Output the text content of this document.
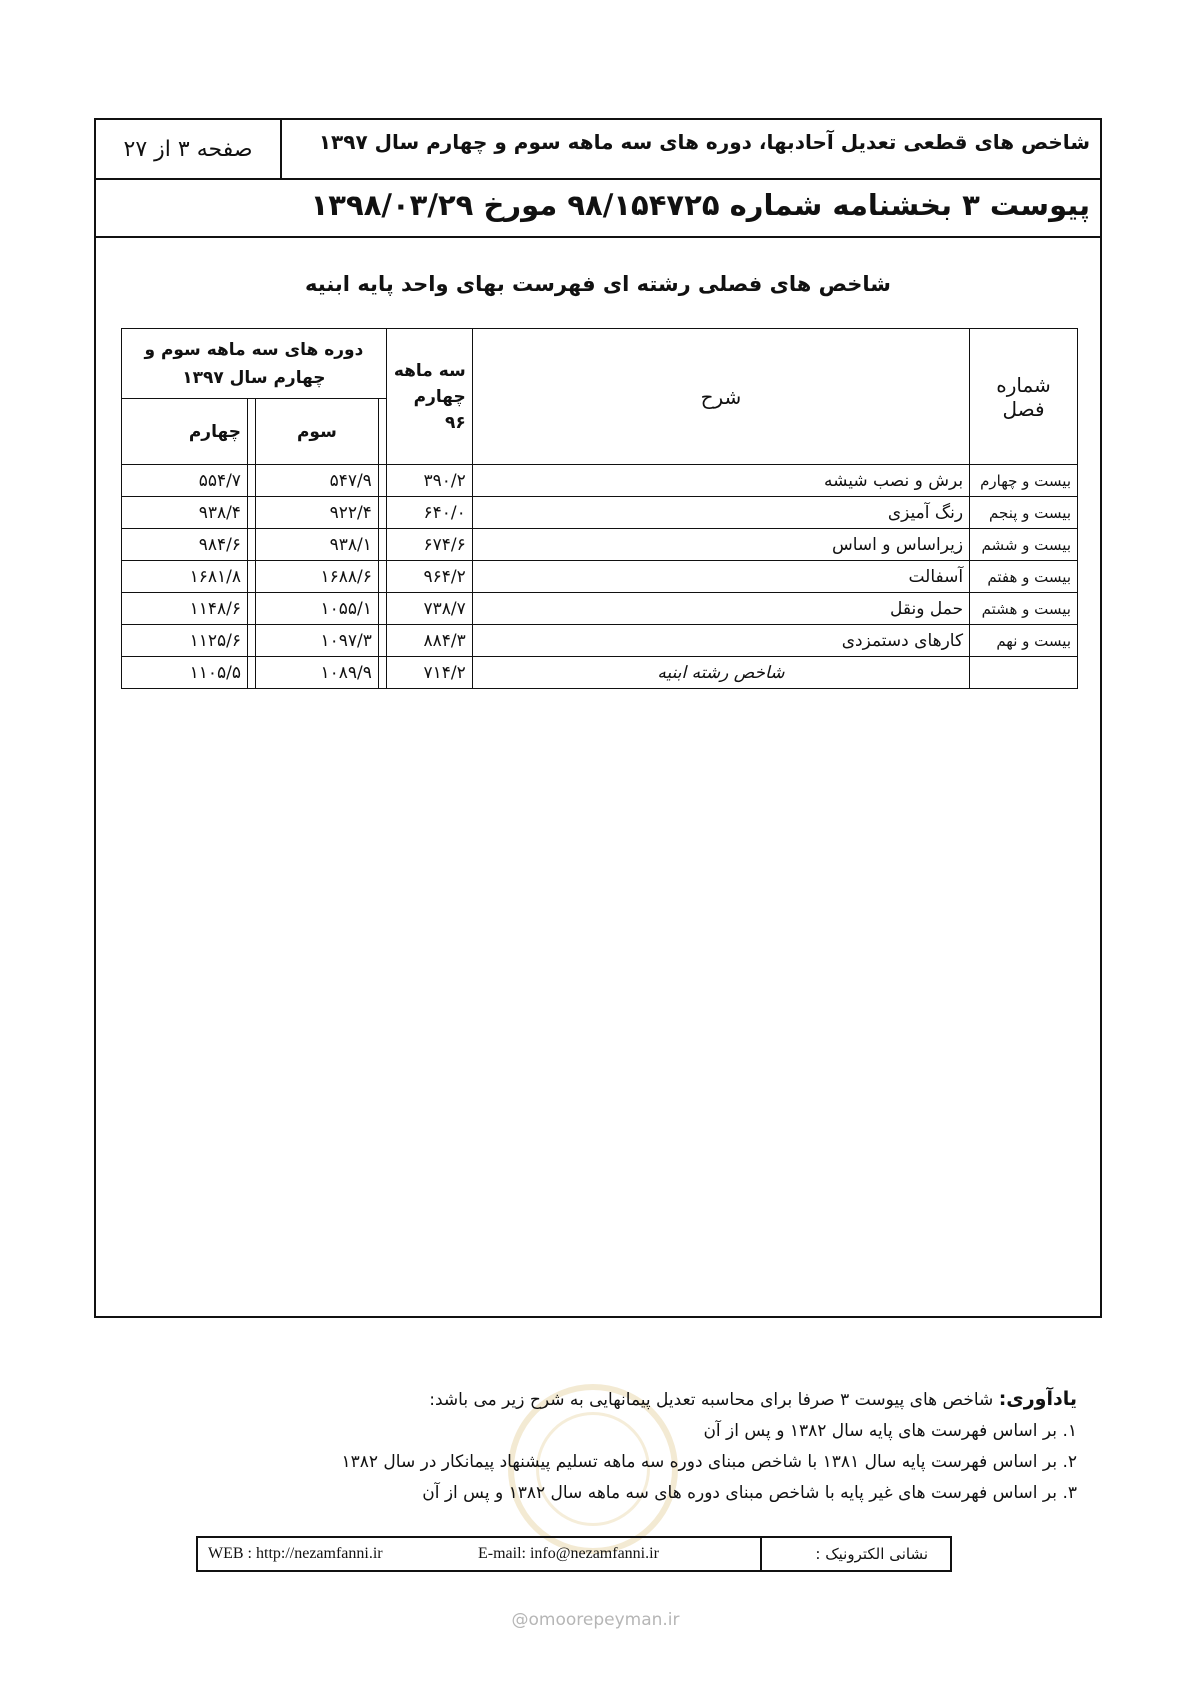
شاخص های قطعی تعدیل آحادبها، دوره های سه ماهه سوم و چهارم سال ۱۳۹۷
صفحه ۳ از ۲۷
پیوست ۳ بخشنامه شماره ۹۸/۱۵۴۷۲۵ مورخ ۱۳۹۸/۰۳/۲۹
شاخص های فصلی رشته ای فهرست بهای واحد پایه ابنیه
شماره فصل	شرح	سه ماهه چهارم ۹۶	دوره های سه ماهه سوم و چهارم سال ۱۳۹۷			
				سوم		چهارم
بیست و چهارم	برش و نصب شیشه	۳۹۰/۲		۵۴۷/۹		۵۵۴/۷
بیست و پنجم	رنگ آمیزی	۶۴۰/۰		۹۲۲/۴		۹۳۸/۴
بیست و ششم	زیراساس و اساس	۶۷۴/۶		۹۳۸/۱		۹۸۴/۶
بیست و هفتم	آسفالت	۹۶۴/۲		۱۶۸۸/۶		۱۶۸۱/۸
بیست و هشتم	حمل ونقل	۷۳۸/۷		۱۰۵۵/۱		۱۱۴۸/۶
بیست و نهم	کارهای دستمزدی	۸۸۴/۳		۱۰۹۷/۳		۱۱۲۵/۶
	شاخص رشته ابنیه	۷۱۴/۲		۱۰۸۹/۹		۱۱۰۵/۵
یادآوری: شاخص های پیوست ۳ صرفا برای محاسبه تعدیل پیمانهایی به شرح زیر می باشد:
۱. بر اساس فهرست های پایه سال ۱۳۸۲ و پس از آن
۲. بر اساس فهرست پایه سال ۱۳۸۱ با شاخص مبنای دوره سه ماهه تسلیم پیشنهاد پیمانکار در سال ۱۳۸۲
۳. بر اساس فهرست های غیر پایه با شاخص مبنای دوره های سه ماهه سال ۱۳۸۲ و پس از آن
WEB : http://nezamfanni.ir	E-mail: info@nezamfanni.ir	نشانی الکترونیک :
@omoorepeyman.ir
